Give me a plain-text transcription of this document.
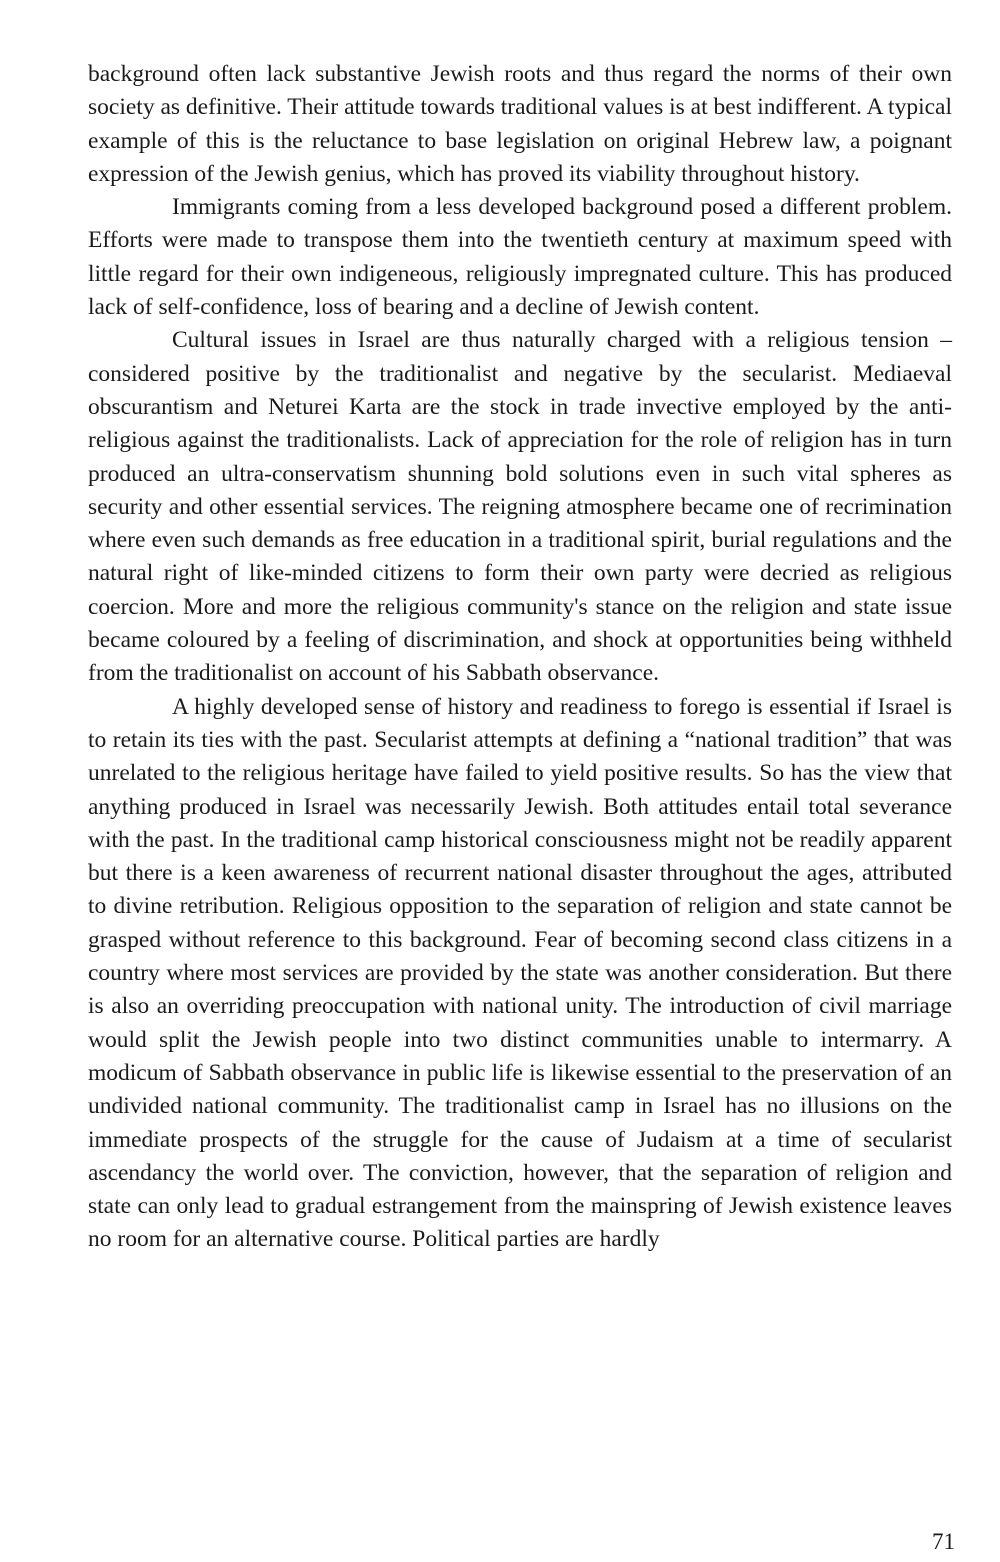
background often lack substantive Jewish roots and thus regard the norms of their own society as definitive. Their attitude towards traditional values is at best indifferent. A typical example of this is the reluctance to base legislation on original Hebrew law, a poignant expression of the Jewish genius, which has proved its viability throughout history.

Immigrants coming from a less developed background posed a different problem. Efforts were made to transpose them into the twentieth century at maximum speed with little regard for their own indigeneous, religiously impregnated culture. This has produced lack of self-confidence, loss of bearing and a decline of Jewish content.

Cultural issues in Israel are thus naturally charged with a religious tension – considered positive by the traditionalist and negative by the secularist. Mediaeval obscurantism and Neturei Karta are the stock in trade invective employed by the anti-religious against the traditionalists. Lack of appreciation for the role of religion has in turn produced an ultra-conservatism shunning bold solutions even in such vital spheres as security and other essential services. The reigning atmosphere became one of recrimination where even such demands as free education in a traditional spirit, burial regulations and the natural right of like-minded citizens to form their own party were decried as religious coercion. More and more the religious community's stance on the religion and state issue became coloured by a feeling of discrimination, and shock at opportunities being withheld from the traditionalist on account of his Sabbath observance.

A highly developed sense of history and readiness to forego is essential if Israel is to retain its ties with the past. Secularist attempts at defining a “national tradition” that was unrelated to the religious heritage have failed to yield positive results. So has the view that anything produced in Israel was necessarily Jewish. Both attitudes entail total severance with the past. In the traditional camp historical consciousness might not be readily apparent but there is a keen awareness of recurrent national disaster throughout the ages, attributed to divine retribution. Religious opposition to the separation of religion and state cannot be grasped without reference to this background. Fear of becoming second class citizens in a country where most services are provided by the state was another consideration. But there is also an overriding preoccupation with national unity. The introduction of civil marriage would split the Jewish people into two distinct communities unable to intermarry. A modicum of Sabbath observance in public life is likewise essential to the preservation of an undivided national community. The traditionalist camp in Israel has no illusions on the immediate prospects of the struggle for the cause of Judaism at a time of secularist ascendancy the world over. The conviction, however, that the separation of religion and state can only lead to gradual estrangement from the mainspring of Jewish existence leaves no room for an alternative course. Political parties are hardly

71
